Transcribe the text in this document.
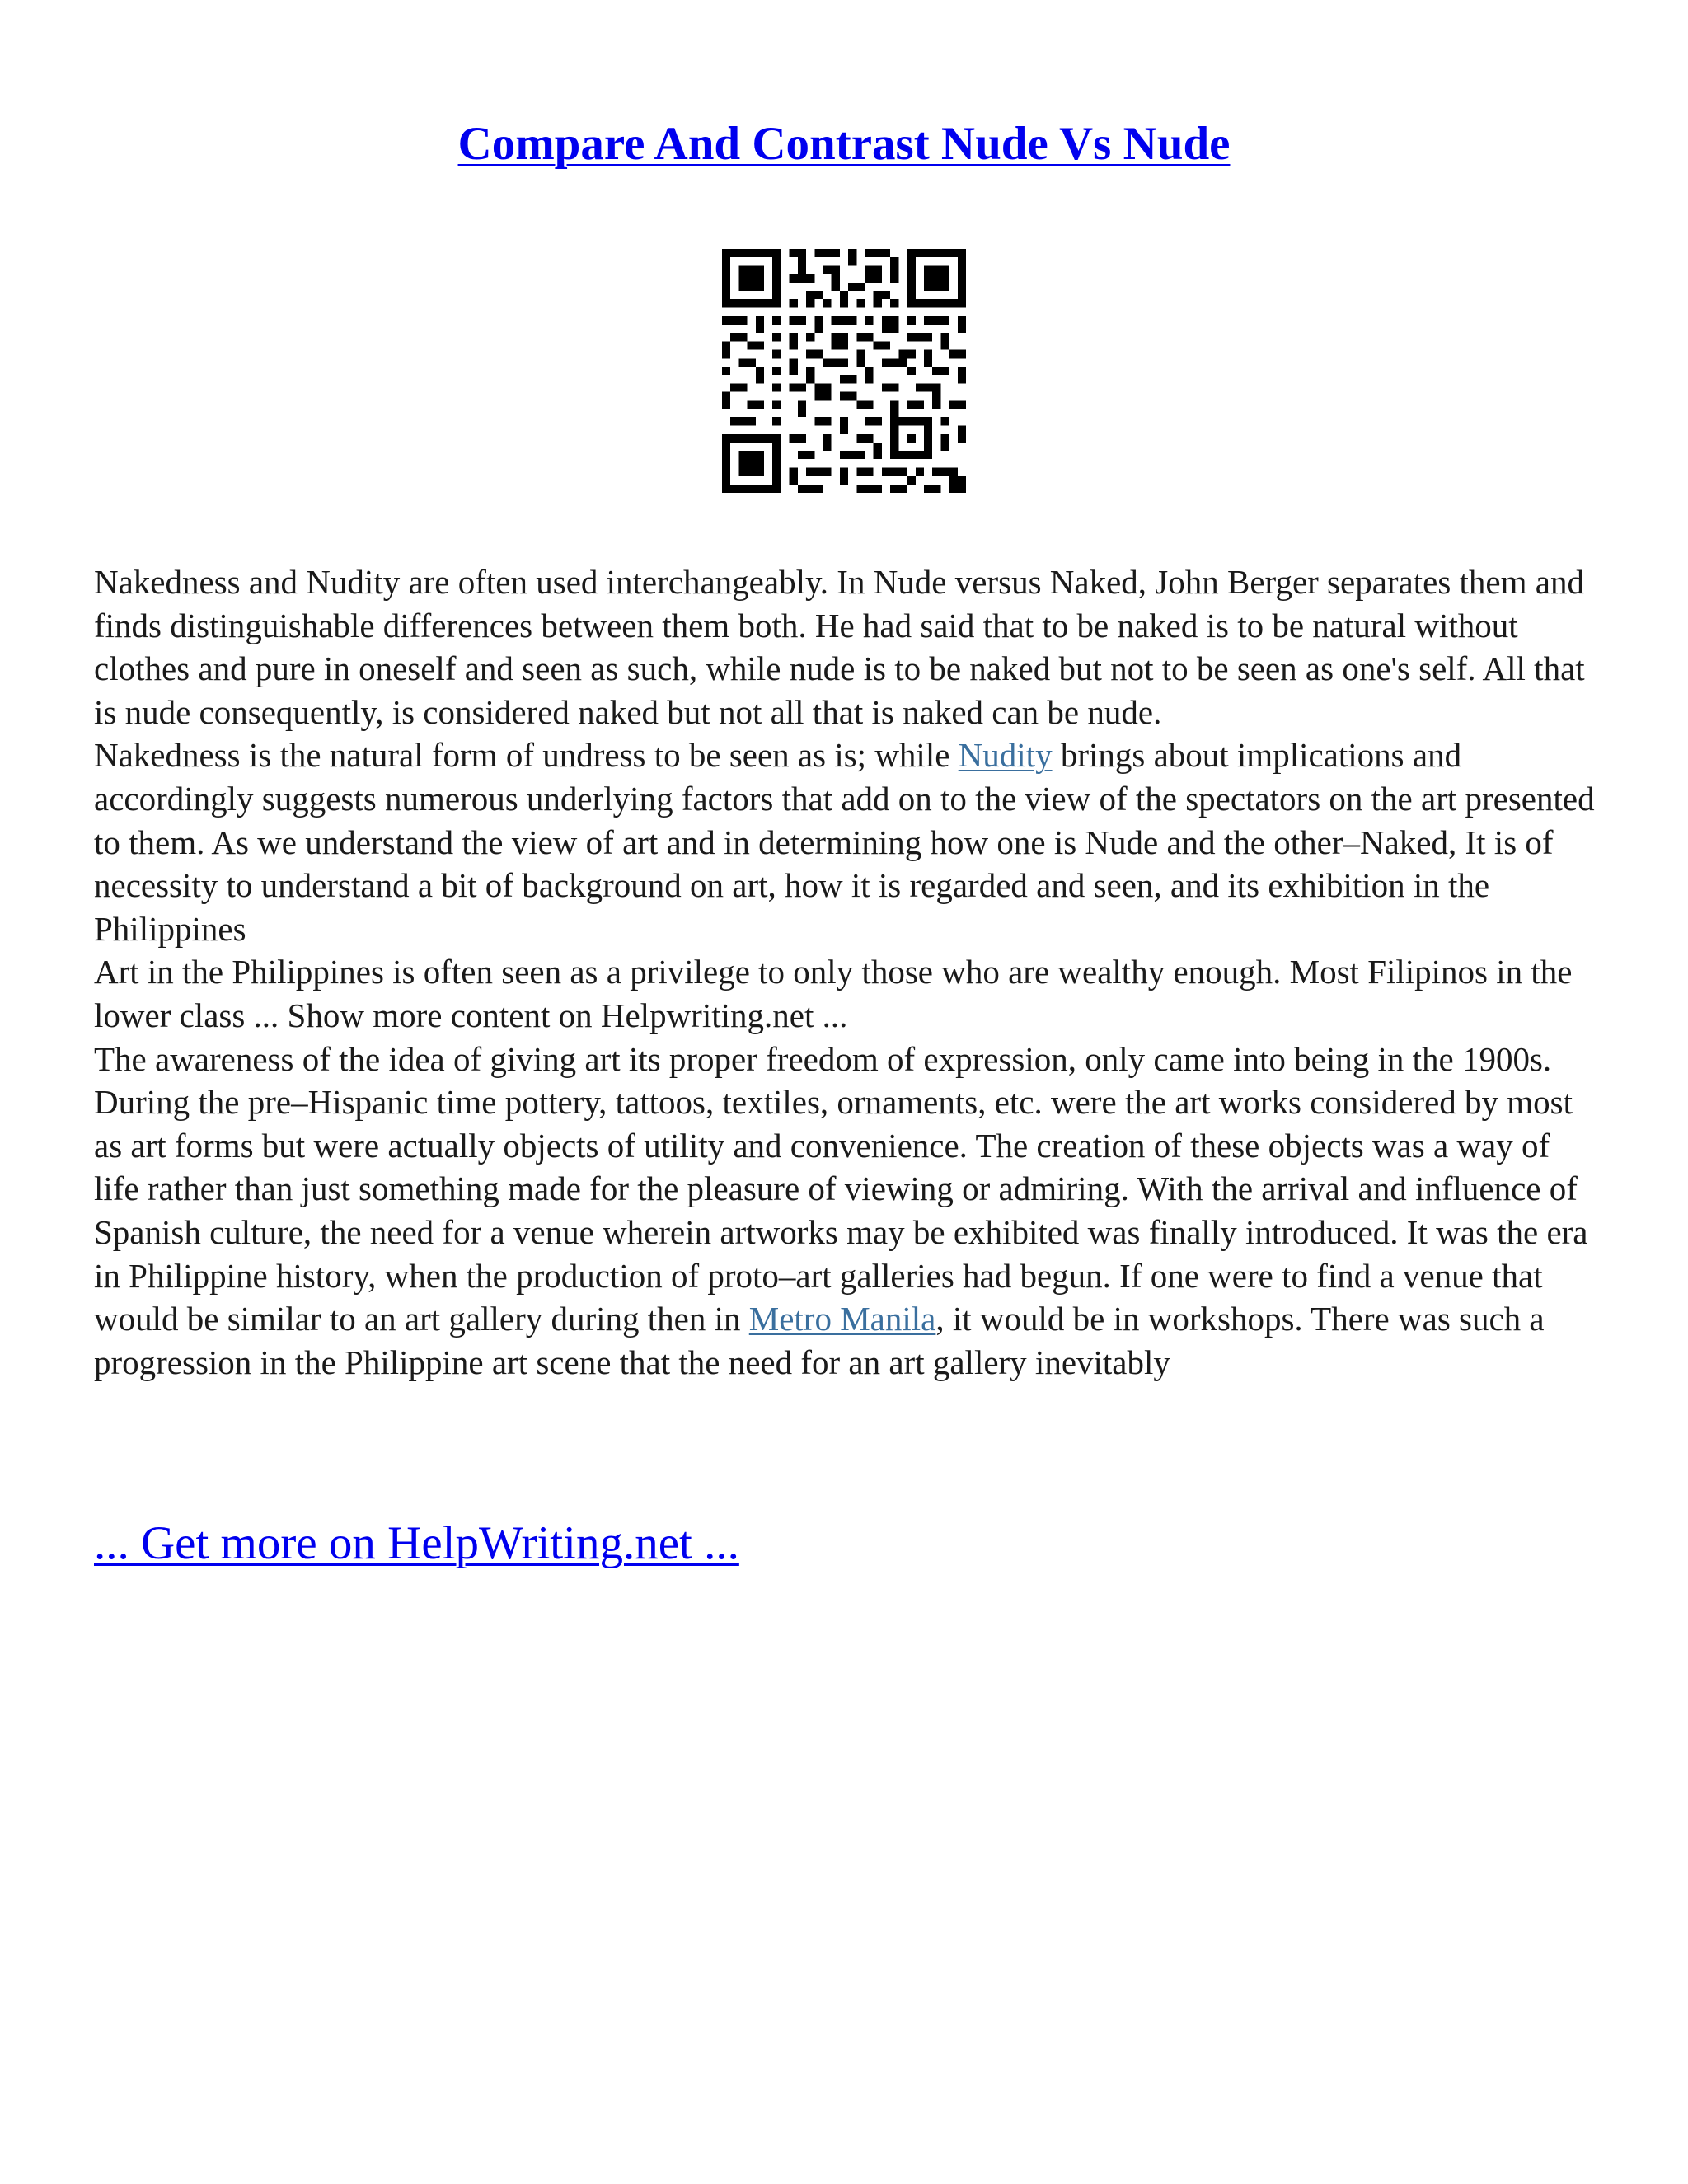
Compare And Contrast Nude Vs Nude

Nakedness and Nudity are often used interchangeably. In Nude versus Naked, John Berger separates them and finds distinguishable differences between them both. He had said that to be naked is to be natural without clothes and pure in oneself and seen as such, while nude is to be naked but not to be seen as one's self. All that is nude consequently, is considered naked but not all that is naked can be nude.

Nakedness is the natural form of undress to be seen as is; while Nudity brings about implications and accordingly suggests numerous underlying factors that add on to the view of the spectators on the art presented to them. As we understand the view of art and in determining how one is Nude and the other–Naked, It is of necessity to understand a bit of background on art, how it is regarded and seen, and its exhibition in the Philippines

Art in the Philippines is often seen as a privilege to only those who are wealthy enough. Most Filipinos in the lower class ... Show more content on Helpwriting.net ...

The awareness of the idea of giving art its proper freedom of expression, only came into being in the 1900s. During the pre–Hispanic time pottery, tattoos, textiles, ornaments, etc. were the art works considered by most as art forms but were actually objects of utility and convenience. The creation of these objects was a way of life rather than just something made for the pleasure of viewing or admiring. With the arrival and influence of Spanish culture, the need for a venue wherein artworks may be exhibited was finally introduced. It was the era in Philippine history, when the production of proto–art galleries had begun. If one were to find a venue that would be similar to an art gallery during then in Metro Manila, it would be in workshops. There was such a progression in the Philippine art scene that the need for an art gallery inevitably

... Get more on HelpWriting.net ...
